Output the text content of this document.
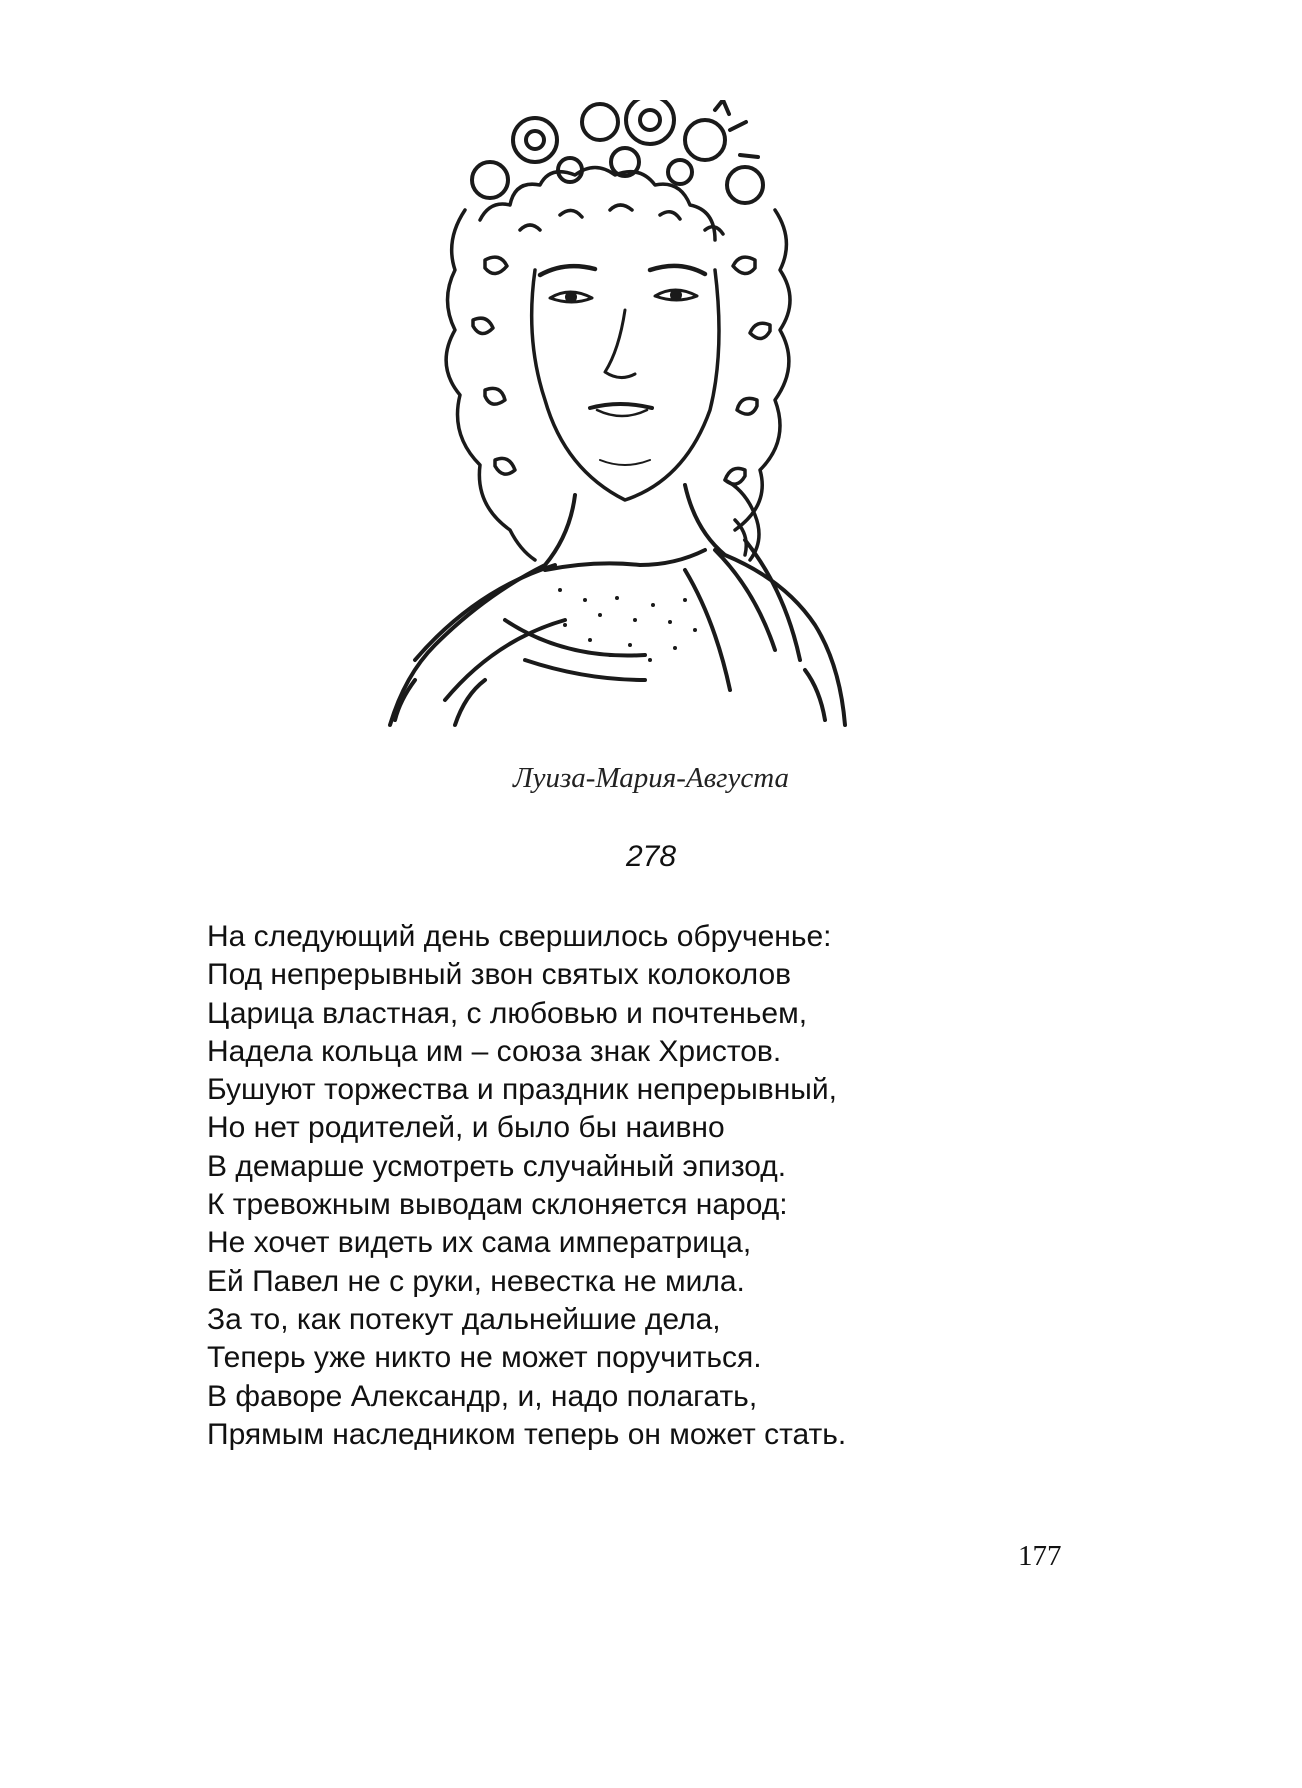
Луиза-Мария-Августа
278
На следующий день свершилось обрученье:
Под непрерывный звон святых колоколов
Царица властная, с любовью и почтеньем,
Надела кольца им – союза знак Христов.
Бушуют торжества и праздник непрерывный,
Но нет родителей, и было бы наивно
В демарше усмотреть случайный эпизод.
К тревожным выводам склоняется народ:
Не хочет видеть их сама императрица,
Ей Павел не с руки, невестка не мила.
За то, как потекут дальнейшие дела,
Теперь уже никто не может поручиться.
В фаворе Александр, и, надо полагать,
Прямым наследником теперь он может стать.
177
